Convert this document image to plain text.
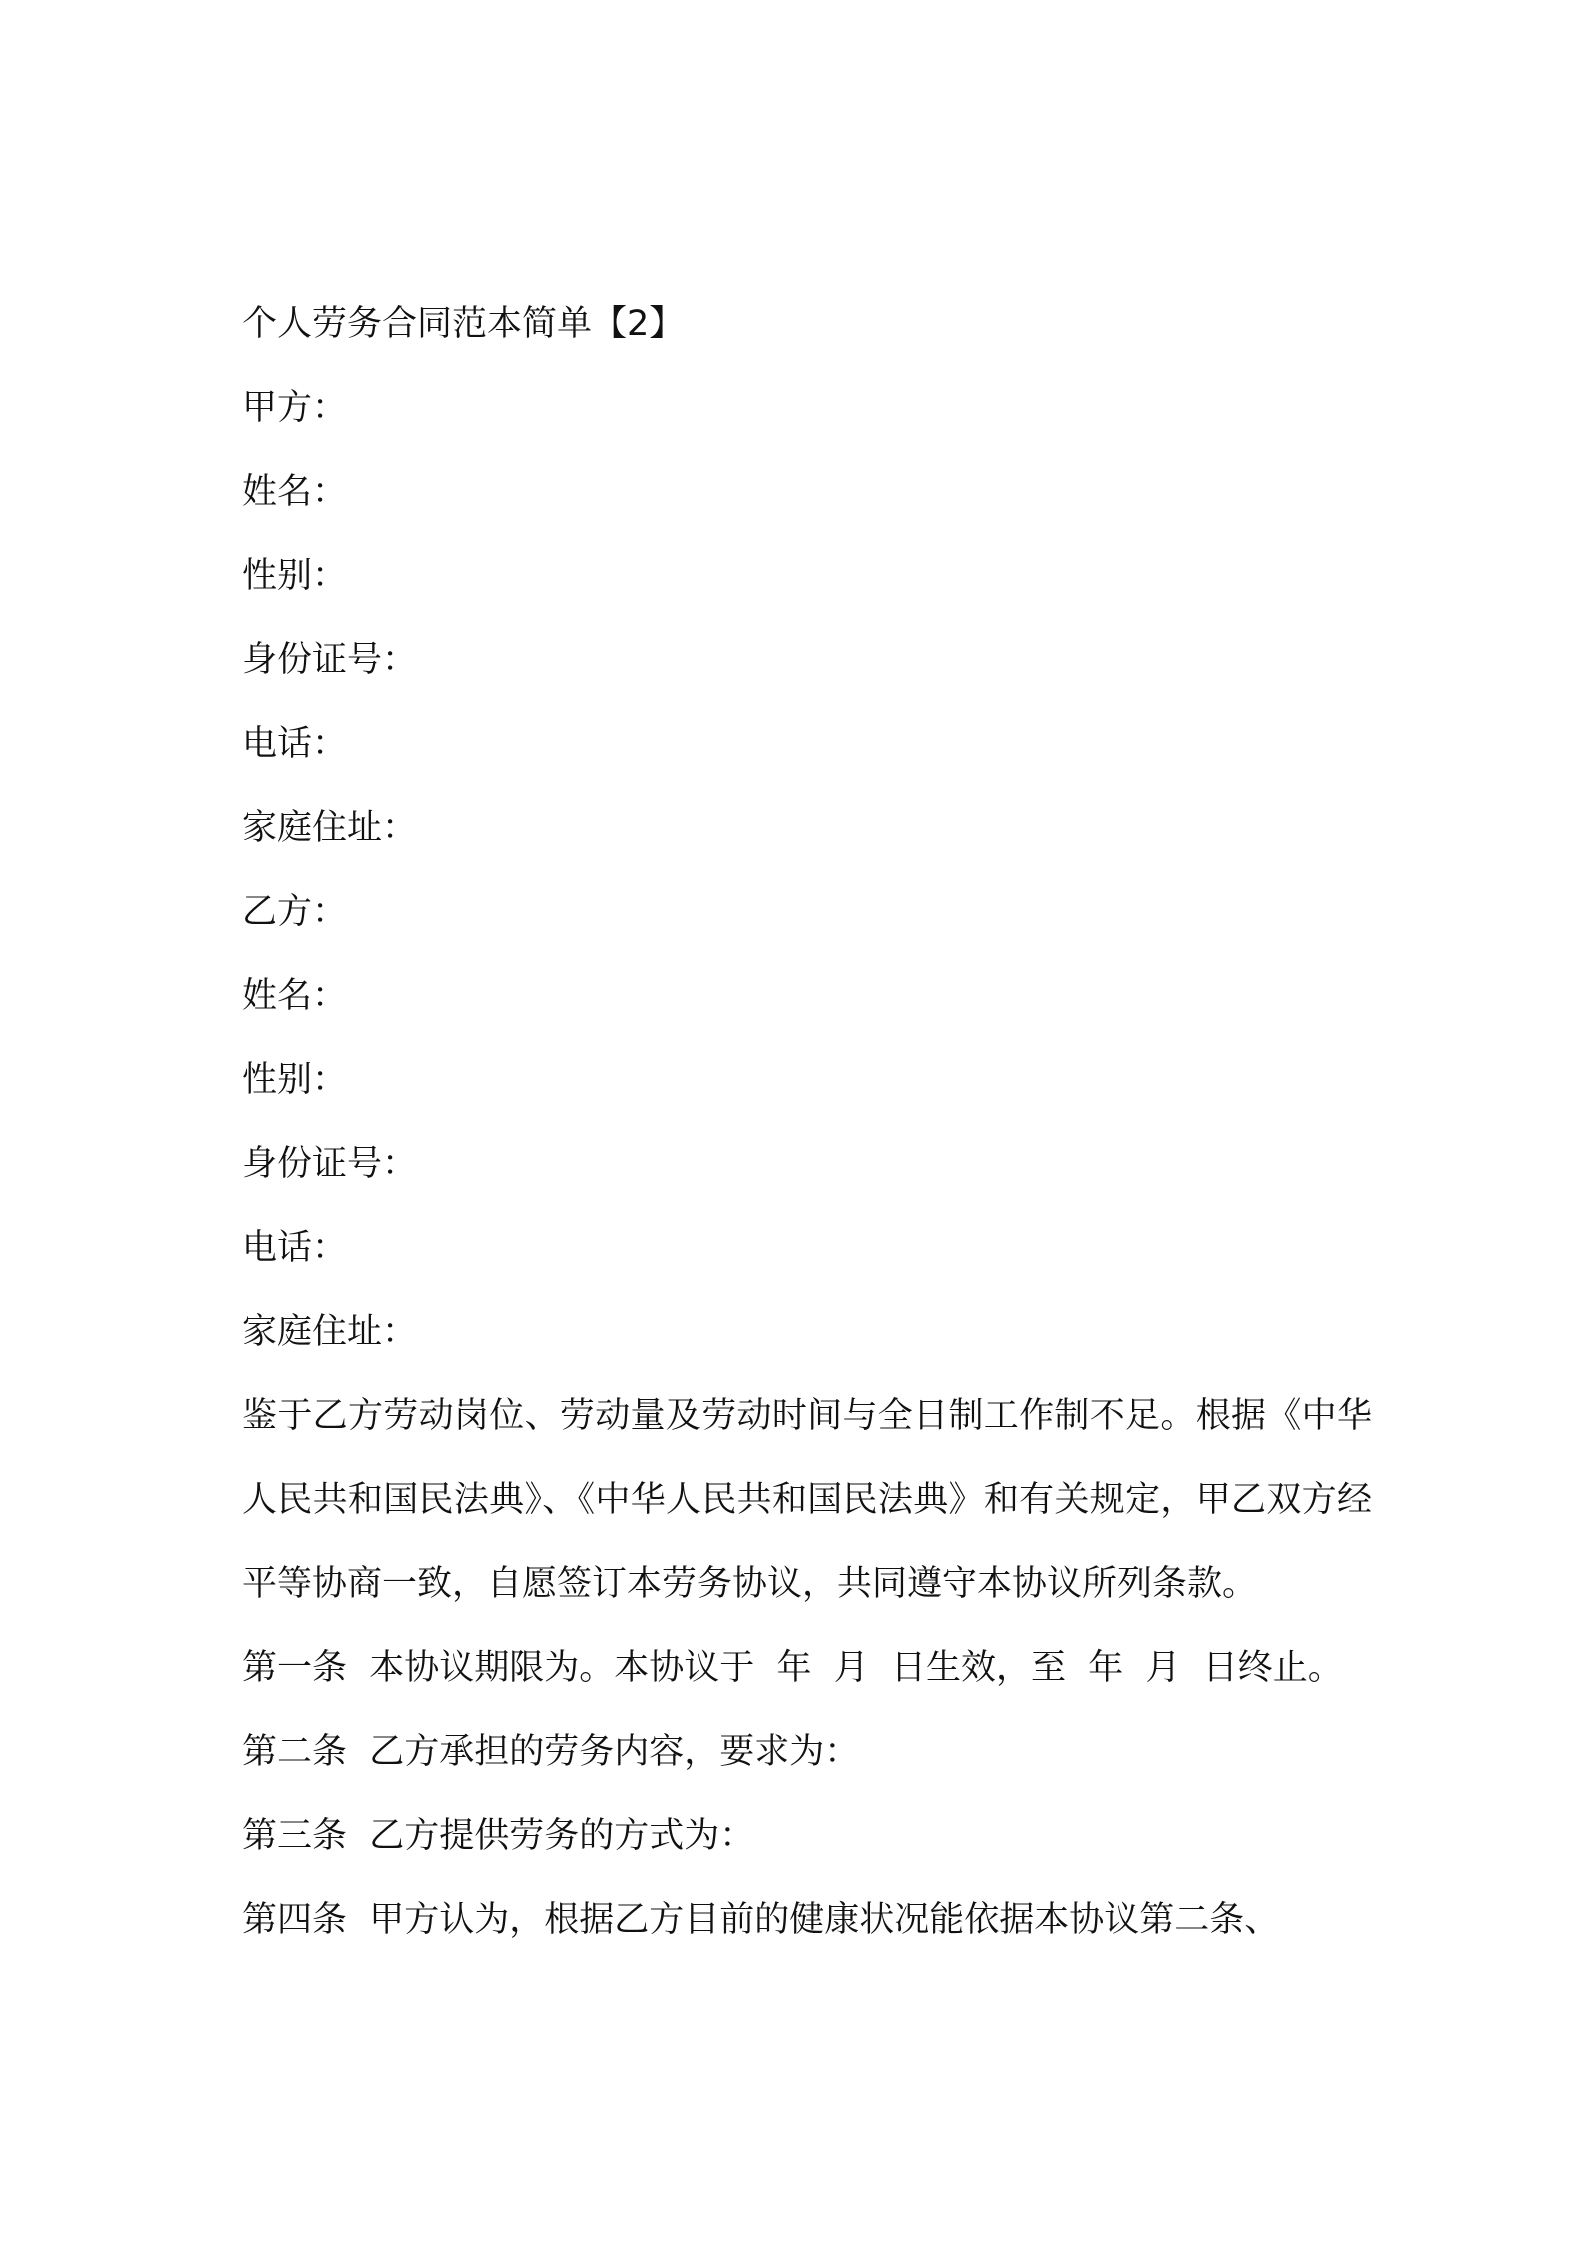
个人劳务合同范本简单【2】

甲方：

姓名：

性别：

身份证号：

电话：

家庭住址：

乙方：

姓名：

性别：

身份证号：

电话：

家庭住址：

鉴于乙方劳动岗位、劳动量及劳动时间与全日制工作制不足。根据《中华人民共和国民法典》、《中华人民共和国民法典》和有关规定，甲乙双方经平等协商一致，自愿签订本劳务协议，共同遵守本协议所列条款。

第一条  本协议期限为。本协议于  年  月  日生效，至  年  月  日终止。

第二条  乙方承担的劳务内容，要求为：

第三条  乙方提供劳务的方式为：

第四条  甲方认为，根据乙方目前的健康状况能依据本协议第二条、
